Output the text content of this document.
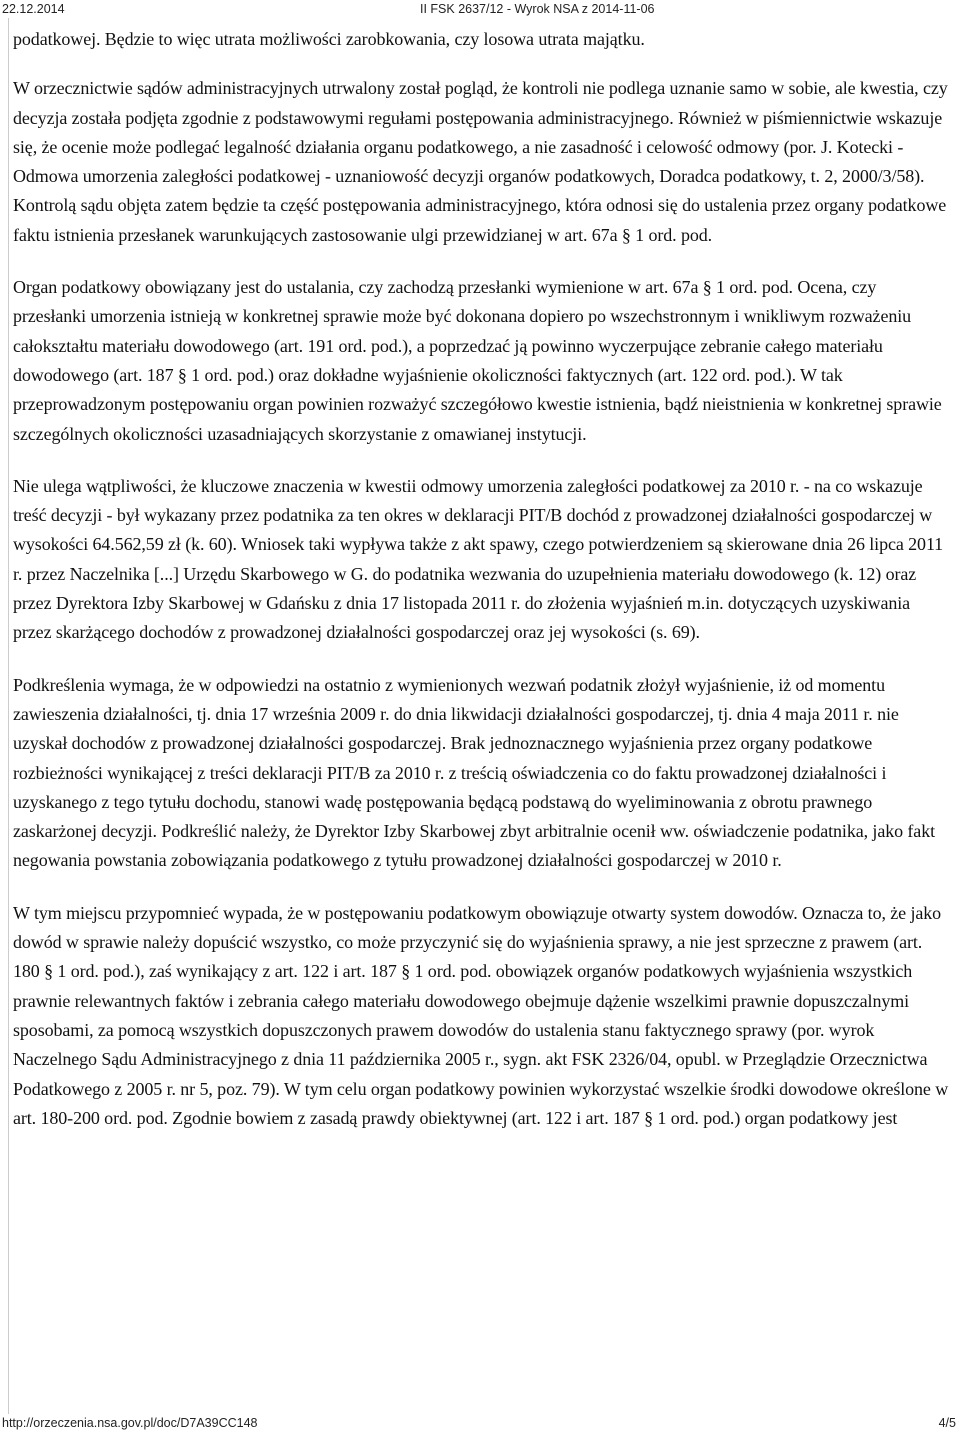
22.12.2014	II FSK 2637/12 - Wyrok NSA z 2014-11-06

podatkowej. Będzie to więc utrata możliwości zarobkowania, czy losowa utrata majątku.

W orzecznictwie sądów administracyjnych utrwalony został pogląd, że kontroli nie podlega uznanie samo w sobie, ale kwestia, czy decyzja została podjęta zgodnie z podstawowymi regułami postępowania administracyjnego. Również w piśmiennictwie wskazuje się, że ocenie może podlegać legalność działania organu podatkowego, a nie zasadność i celowość odmowy (por. J. Kotecki - Odmowa umorzenia zaległości podatkowej - uznaniowość decyzji organów podatkowych, Doradca podatkowy, t. 2, 2000/3/58). Kontrolą sądu objęta zatem będzie ta część postępowania administracyjnego, która odnosi się do ustalenia przez organy podatkowe faktu istnienia przesłanek warunkujących zastosowanie ulgi przewidzianej w art. 67a § 1 ord. pod.

Organ podatkowy obowiązany jest do ustalania, czy zachodzą przesłanki wymienione w art. 67a § 1 ord. pod. Ocena, czy przesłanki umorzenia istnieją w konkretnej sprawie może być dokonana dopiero po wszechstronnym i wnikliwym rozważeniu całokształtu materiału dowodowego (art. 191 ord. pod.), a poprzedzać ją powinno wyczerpujące zebranie całego materiału dowodowego (art. 187 § 1 ord. pod.) oraz dokładne wyjaśnienie okoliczności faktycznych (art. 122 ord. pod.). W tak przeprowadzonym postępowaniu organ powinien rozważyć szczegółowo kwestie istnienia, bądź nieistnienia w konkretnej sprawie szczególnych okoliczności uzasadniających skorzystanie z omawianej instytucji.

Nie ulega wątpliwości, że kluczowe znaczenia w kwestii odmowy umorzenia zaległości podatkowej za 2010 r. - na co wskazuje treść decyzji - był wykazany przez podatnika za ten okres w deklaracji PIT/B dochód z prowadzonej działalności gospodarczej w wysokości 64.562,59 zł (k. 60). Wniosek taki wypływa także z akt spawy, czego potwierdzeniem są skierowane dnia 26 lipca 2011 r. przez Naczelnika [...] Urzędu Skarbowego w G. do podatnika wezwania do uzupełnienia materiału dowodowego (k. 12) oraz przez Dyrektora Izby Skarbowej w Gdańsku z dnia 17 listopada 2011 r. do złożenia wyjaśnień m.in. dotyczących uzyskiwania przez skarżącego dochodów z prowadzonej działalności gospodarczej oraz jej wysokości (s. 69).

Podkreślenia wymaga, że w odpowiedzi na ostatnio z wymienionych wezwań podatnik złożył wyjaśnienie, iż od momentu zawieszenia działalności, tj. dnia 17 września 2009 r. do dnia likwidacji działalności gospodarczej, tj. dnia 4 maja 2011 r. nie uzyskał dochodów z prowadzonej działalności gospodarczej. Brak jednoznacznego wyjaśnienia przez organy podatkowe rozbieżności wynikającej z treści deklaracji PIT/B za 2010 r. z treścią oświadczenia co do faktu prowadzonej działalności i uzyskanego z tego tytułu dochodu, stanowi wadę postępowania będącą podstawą do wyeliminowania z obrotu prawnego zaskarżonej decyzji. Podkreślić należy, że Dyrektor Izby Skarbowej zbyt arbitralnie ocenił ww. oświadczenie podatnika, jako fakt negowania powstania zobowiązania podatkowego z tytułu prowadzonej działalności gospodarczej w 2010 r.

W tym miejscu przypomnieć wypada, że w postępowaniu podatkowym obowiązuje otwarty system dowodów. Oznacza to, że jako dowód w sprawie należy dopuścić wszystko, co może przyczynić się do wyjaśnienia sprawy, a nie jest sprzeczne z prawem (art. 180 § 1 ord. pod.), zaś wynikający z art. 122 i art. 187 § 1 ord. pod. obowiązek organów podatkowych wyjaśnienia wszystkich prawnie relewantnych faktów i zebrania całego materiału dowodowego obejmuje dążenie wszelkimi prawnie dopuszczalnymi sposobami, za pomocą wszystkich dopuszczonych prawem dowodów do ustalenia stanu faktycznego sprawy (por. wyrok Naczelnego Sądu Administracyjnego z dnia 11 października 2005 r., sygn. akt FSK 2326/04, opubl. w Przeglądzie Orzecznictwa Podatkowego z 2005 r. nr 5, poz. 79). W tym celu organ podatkowy powinien wykorzystać wszelkie środki dowodowe określone w art. 180-200 ord. pod. Zgodnie bowiem z zasadą prawdy obiektywnej (art. 122 i art. 187 § 1 ord. pod.) organ podatkowy jest

http://orzeczenia.nsa.gov.pl/doc/D7A39CC148	4/5
